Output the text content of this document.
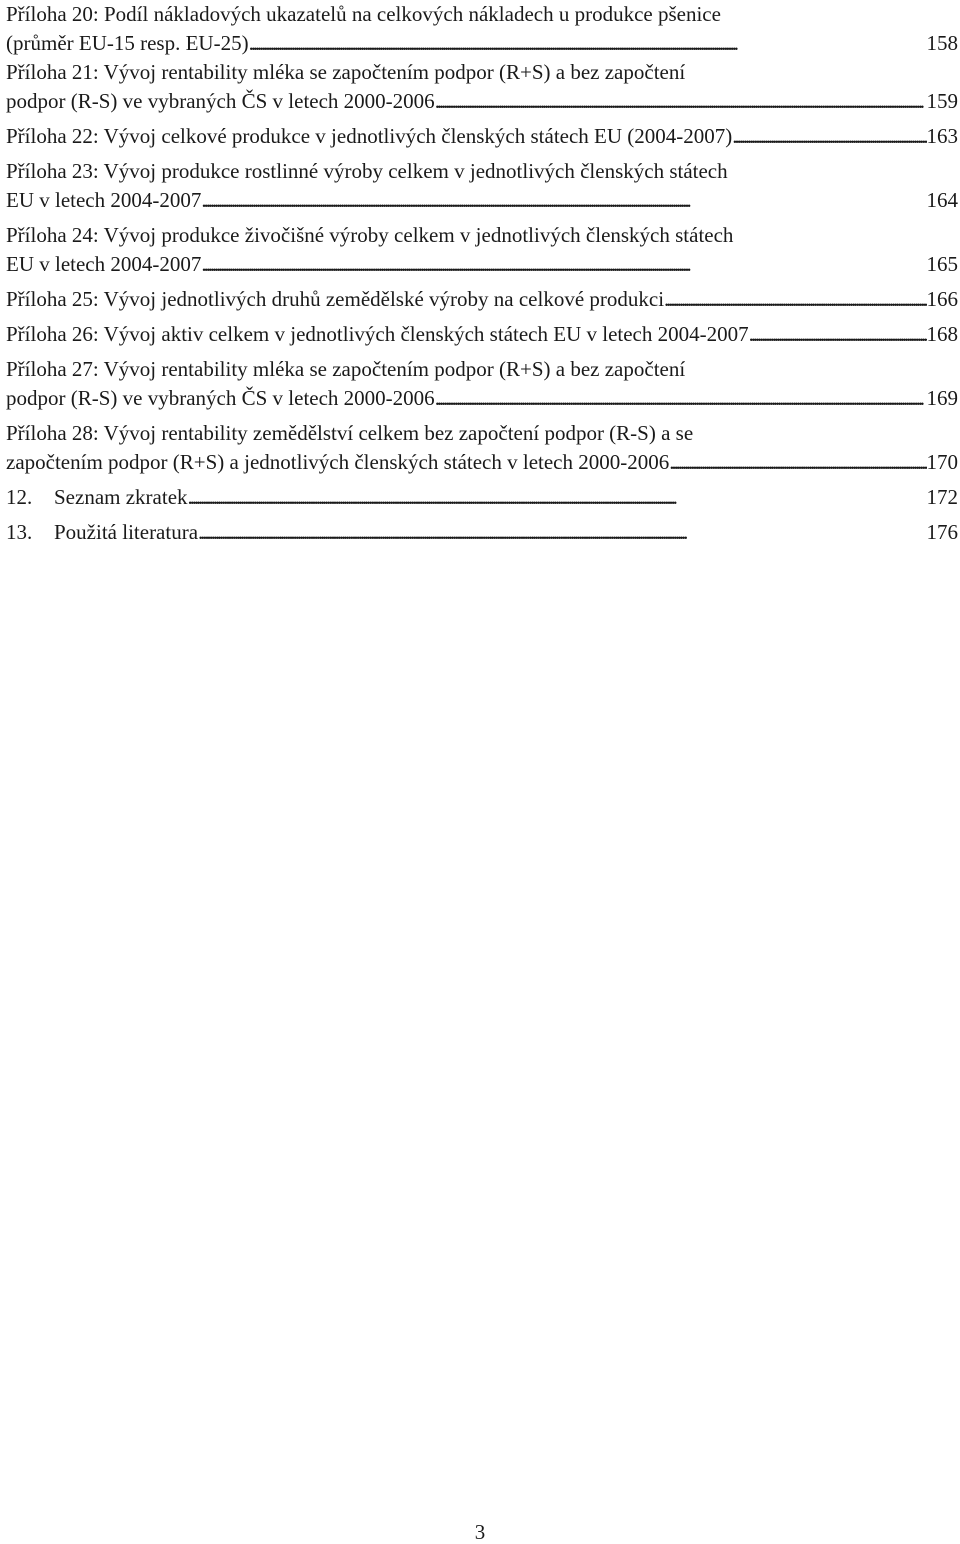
Příloha 20: Podíl nákladových ukazatelů na celkových nákladech u produkce pšenice
(průměr EU-15 resp. EU-25) . . .	158
Příloha 21: Vývoj rentability mléka se započtením podpor (R+S) a bez započtení
podpor (R-S) ve vybraných ČS v letech 2000-2006 . . .	159
Příloha 22: Vývoj celkové produkce v jednotlivých členských státech EU (2004-2007) . . .	163
Příloha 23: Vývoj produkce rostlinné výroby celkem v jednotlivých členských státech
EU v letech 2004-2007 . . .	164
Příloha 24: Vývoj produkce živočišné výroby celkem v jednotlivých členských státech
EU v letech 2004-2007 . . .	165
Příloha 25: Vývoj jednotlivých druhů zemědělské výroby na celkové produkci . . .	166
Příloha 26: Vývoj aktiv celkem v jednotlivých členských státech EU v letech 2004-2007 . . .	168
Příloha 27: Vývoj rentability mléka se započtením podpor (R+S) a bez započtení
podpor (R-S) ve vybraných ČS v letech 2000-2006 . . .	169
Příloha 28: Vývoj rentability zemědělství celkem bez započtení podpor (R-S) a se
započtením podpor (R+S) a jednotlivých členských státech v letech 2000-2006 . . .	170
12. Seznam zkratek . . .	172
13. Použitá literatura . . .	176
3
